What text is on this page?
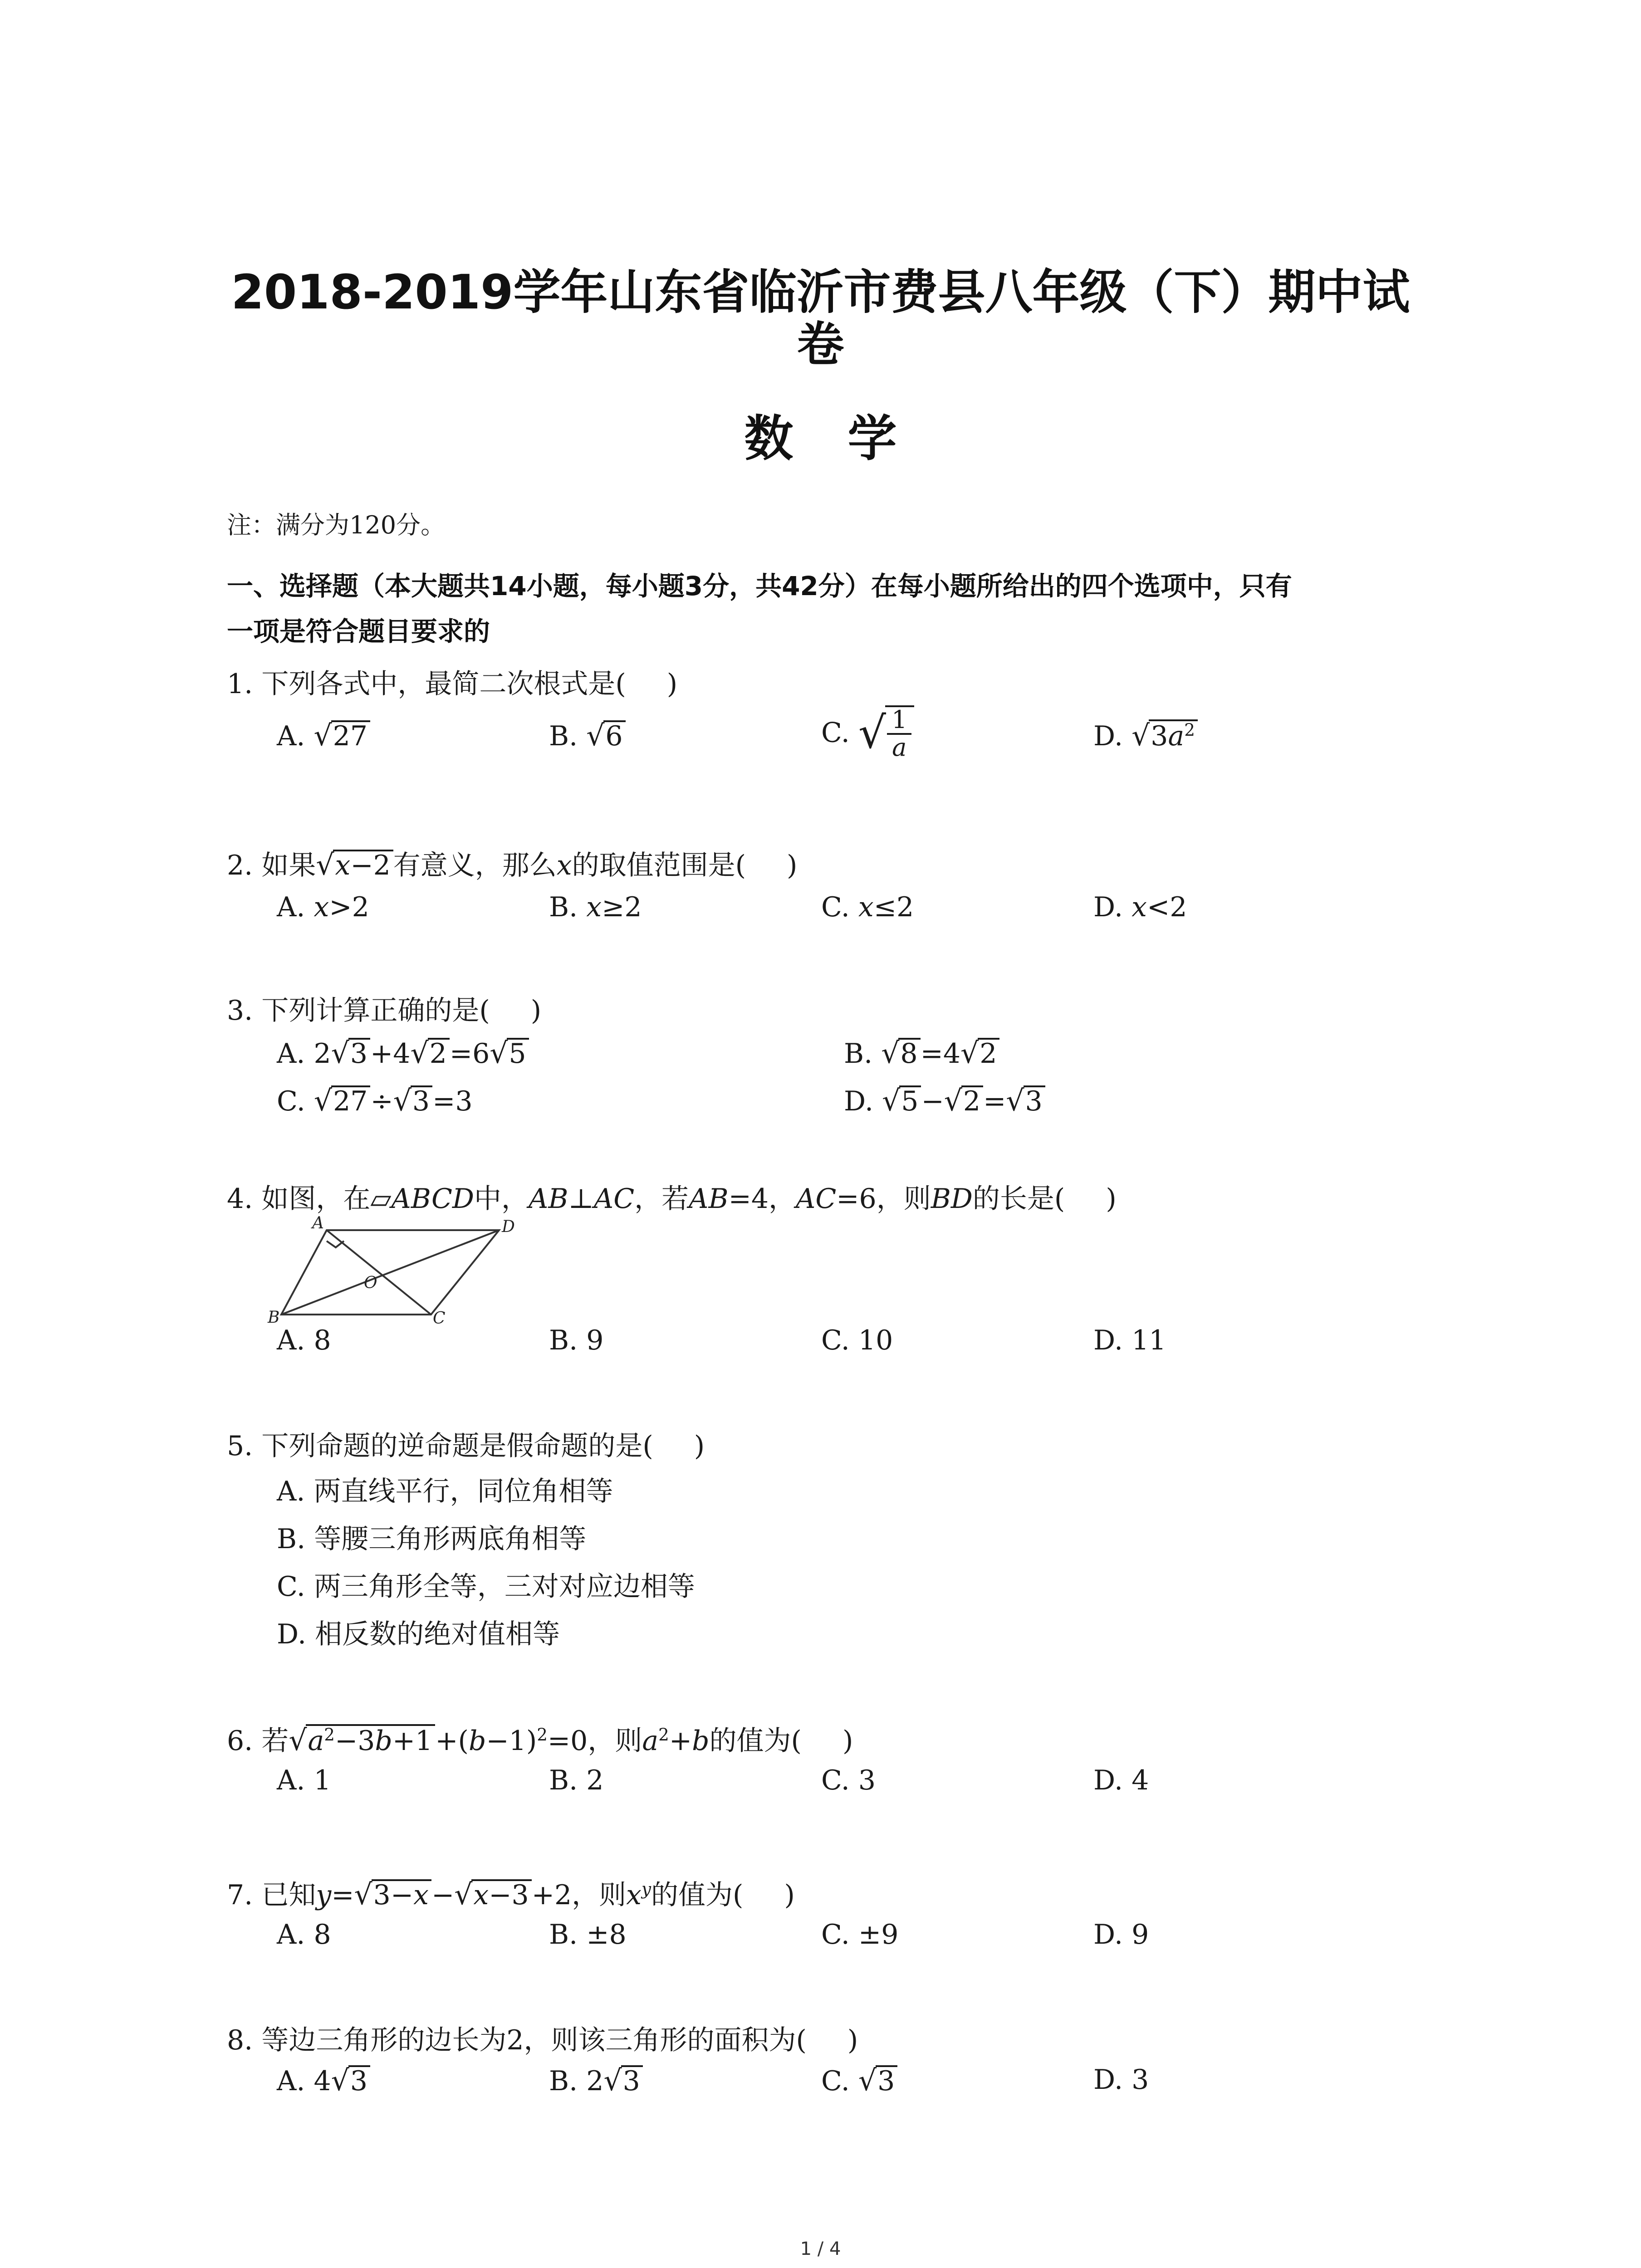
2018-2019学年山东省临沂市费县八年级（下）期中试
卷
数学
注：满分为120分。
一、选择题（本大题共14小题，每小题3分，共42分）在每小题所给出的四个选项中，只有
一项是符合题目要求的
1. 下列各式中，最简二次根式是( )
A. √27	B. √6	C. √ $\frac{1}{a}$	D. $√3a^2$
2. 如果√x−2 有意义，那么x的取值范围是( )
A. x>2	B. x≥2	C. x≤2	D. x<2
3. 下列计算正确的是( )
A. 2√3 +4√2 =6√5	B. √8 =4√2
C. √27 ÷√3 =3	D. √5 −√2 =√3
4. 如图，在▱ABCD中，AB⊥AC，若AB=4，AC=6，则BD的长是( )
A
B	C
D
O
A. 8	B. 9	C. 10	D. 11
5. 下列命题的逆命题是假命题的是( )
A. 两直线平行，同位角相等
B. 等腰三角形两底角相等
C. 两三角形全等，三对对应边相等
D. 相反数的绝对值相等
6. 若$√a^2-3b+1 +(b-1)^2=0$，则$a^2+b$的值为( )
A. 1	B. 2	C. 3	D. 4
7. 已知y=√3−x −√x−3 +2，则$x^y$的值为( )
A. 8	B. ±8	C. ±9	D. 9
8. 等边三角形的边长为2，则该三角形的面积为( )
A. 4√3	B. 2√3	C. √3	D. 3
1 / 4
